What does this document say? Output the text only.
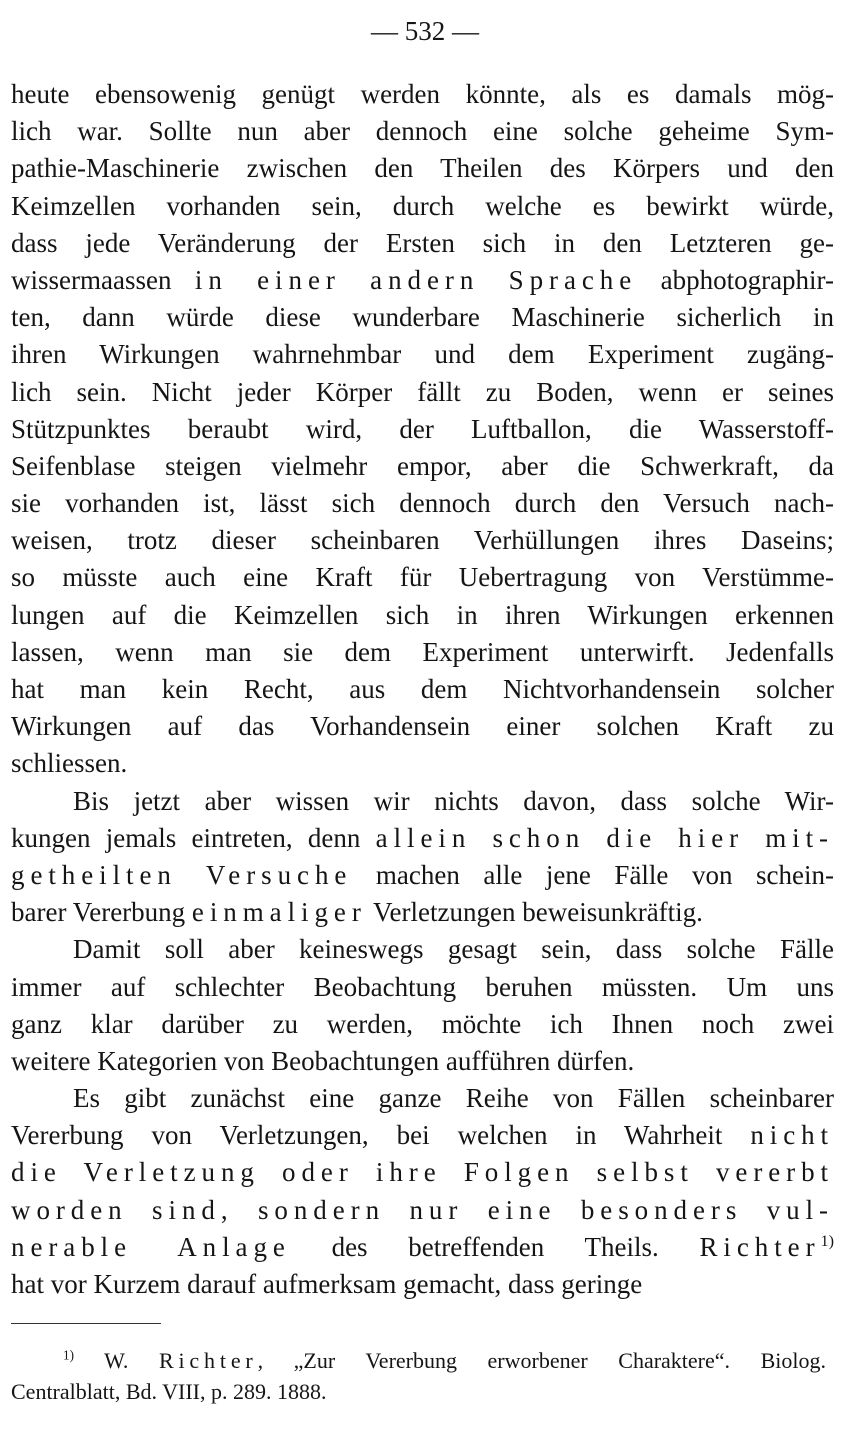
— 532 —
heute ebensowenig genügt werden könnte, als es damals mög-
lich war. Sollte nun aber dennoch eine solche geheime Sym-
pathie-Maschinerie zwischen den Theilen des Körpers und den
Keimzellen vorhanden sein, durch welche es bewirkt würde,
dass jede Veränderung der Ersten sich in den Letzteren ge-
wissermaassen in einer andern Sprache abphotographir-
ten, dann würde diese wunderbare Maschinerie sicherlich in
ihren Wirkungen wahrnehmbar und dem Experiment zugäng-
lich sein. Nicht jeder Körper fällt zu Boden, wenn er seines
Stützpunktes beraubt wird, der Luftballon, die Wasserstoff-
Seifenblase steigen vielmehr empor, aber die Schwerkraft, da
sie vorhanden ist, lässt sich dennoch durch den Versuch nach-
weisen, trotz dieser scheinbaren Verhüllungen ihres Daseins;
so müsste auch eine Kraft für Uebertragung von Verstümme-
lungen auf die Keimzellen sich in ihren Wirkungen erkennen
lassen, wenn man sie dem Experiment unterwirft. Jedenfalls
hat man kein Recht, aus dem Nichtvorhandensein solcher
Wirkungen auf das Vorhandensein einer solchen Kraft zu
schliessen.
Bis jetzt aber wissen wir nichts davon, dass solche Wir-
kungen jemals eintreten, denn allein schon die hier mit-
getheilten Versuche machen alle jene Fälle von schein-
barer Vererbung einmaliger Verletzungen beweisunkräftig.
Damit soll aber keineswegs gesagt sein, dass solche Fälle
immer auf schlechter Beobachtung beruhen müssten. Um uns
ganz klar darüber zu werden, möchte ich Ihnen noch zwei
weitere Kategorien von Beobachtungen aufführen dürfen.
Es gibt zunächst eine ganze Reihe von Fällen scheinbarer
Vererbung von Verletzungen, bei welchen in Wahrheit nicht
die Verletzung oder ihre Folgen selbst vererbt
worden sind, sondern nur eine besonders vul-
nerable Anlage des betreffenden Theils. Richter$^{1)}$
hat vor Kurzem darauf aufmerksam gemacht, dass geringe
$^{1)}$ W. Richter, „Zur Vererbung erworbener Charaktere“. Biolog.
Centralblatt, Bd. VIII, p. 289. 1888.
